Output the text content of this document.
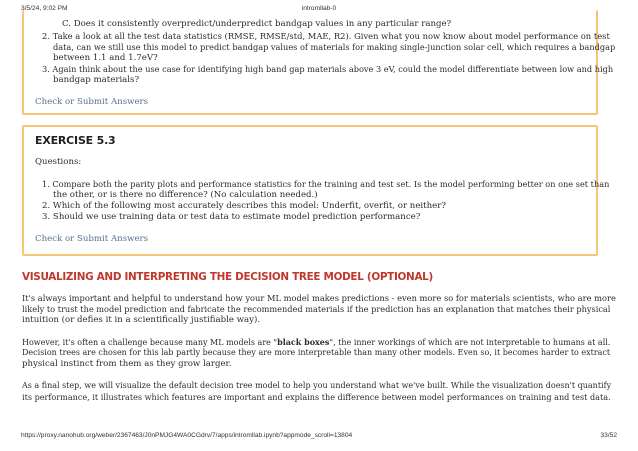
3/5/24, 9:02 PM	intromllab-0
C. Does it consistently overpredict/underpredict bandgap values in any particular range?
2. Take a look at all the test data statistics (RMSE, RMSE/std, MAE, R2). Given what you now know about model performance on test
data, can we still use this model to predict bandgap values of materials for making single-junction solar cell, which requires a bandgap
between 1.1 and 1.7eV?
3. Again think about the use case for identifying high band gap materials above 3 eV, could the model differentiate between low and high
bandgap materials?
Check or Submit Answers
EXERCISE 5.3
Questions:
1. Compare both the parity plots and performance statistics for the training and test set. Is the model performing better on one set than
the other, or is there no difference? (No calculation needed.)
2. Which of the following most accurately describes this model: Underfit, overfit, or neither?
3. Should we use training data or test data to estimate model prediction performance?
Check or Submit Answers
VISUALIZING AND INTERPRETING THE DECISION TREE MODEL (OPTIONAL)
It's always important and helpful to understand how your ML model makes predictions - even more so for materials scientists, who are more
likely to trust the model prediction and fabricate the recommended materials if the prediction has an explanation that matches their physical
intuition (or defies it in a scientifically justifiable way).
However, it's often a challenge because many ML models are "black boxes", the inner workings of which are not interpretable to humans at all.
Decision trees are chosen for this lab partly because they are more interpretable than many other models. Even so, it becomes harder to extract
physical instinct from them as they grow larger.
As a final step, we will visualize the default decision tree model to help you understand what we've built. While the visualization doesn't quantify
its performance, it illustrates which features are important and explains the difference between model performances on training and test data.
https://proxy.nanohub.org/weber/2367463/J0nPMJG4WA0CGdrv/7/apps/intromllab.ipynb?appmode_scroll=13804	33/52
